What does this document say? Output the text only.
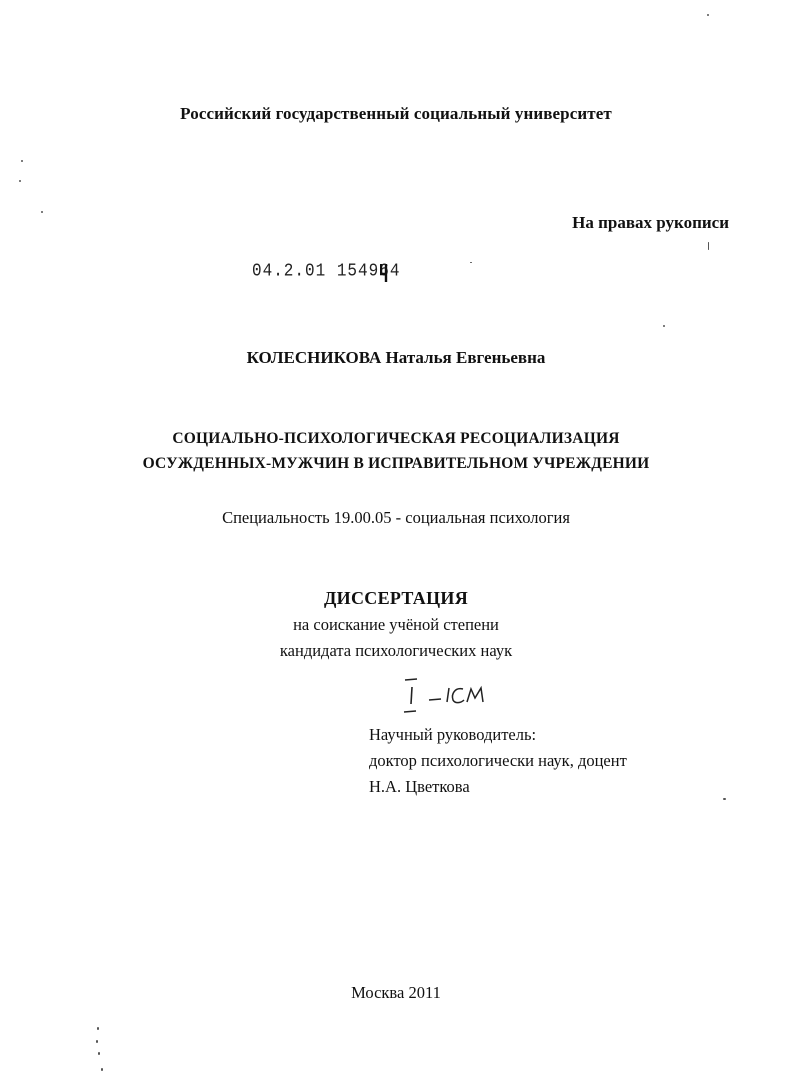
Российский государственный социальный университет
На правах рукописи
04.2.01 154964
КОЛЕСНИКОВА Наталья Евгеньевна
СОЦИАЛЬНО-ПСИХОЛОГИЧЕСКАЯ РЕСОЦИАЛИЗАЦИЯ
ОСУЖДЕННЫХ-МУЖЧИН В ИСПРАВИТЕЛЬНОМ УЧРЕЖДЕНИИ
Специальность 19.00.05 - социальная психология
ДИССЕРТАЦИЯ
на соискание учёной степени
кандидата психологических наук
Научный руководитель:
доктор психологически наук, доцент
Н.А. Цветкова
Москва 2011
